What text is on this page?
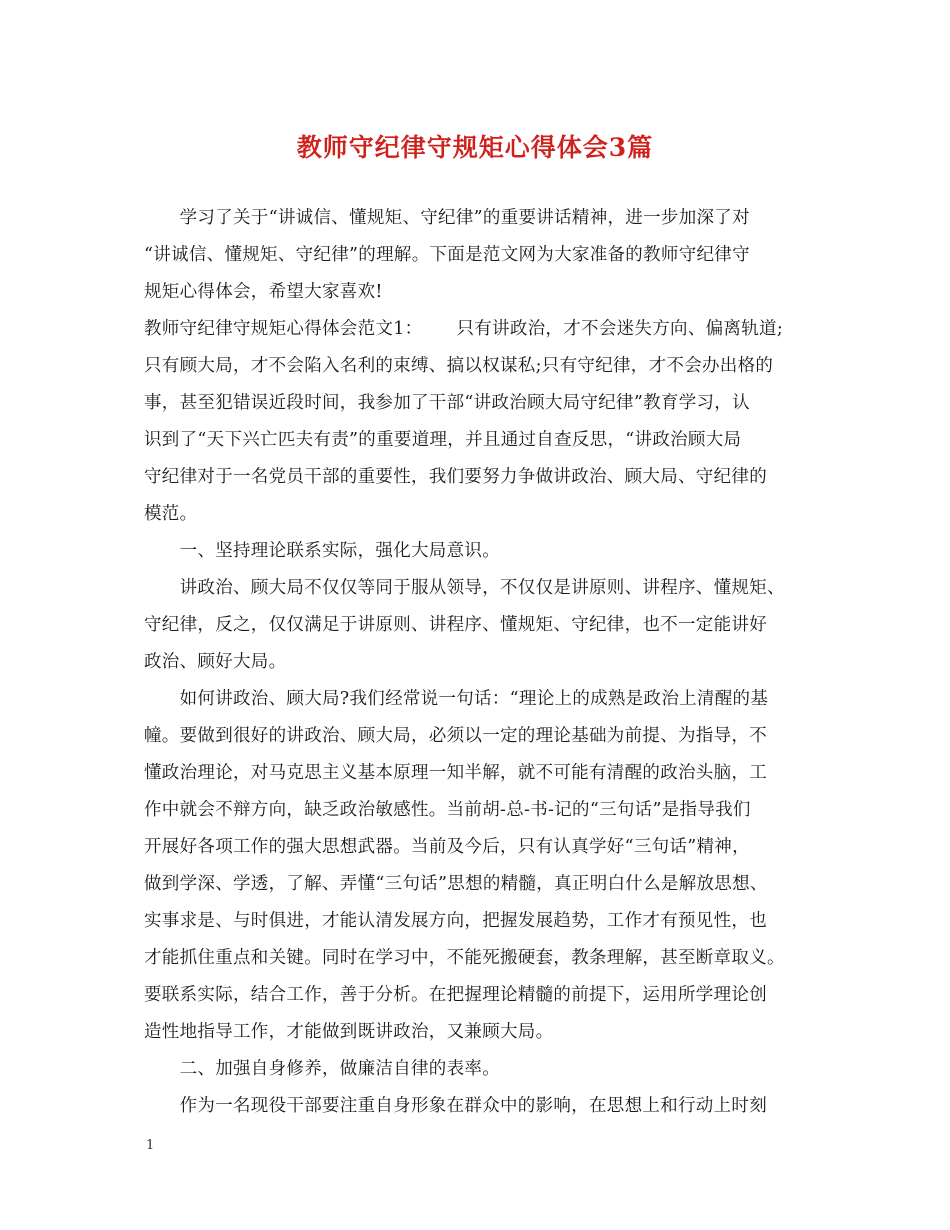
教师守纪律守规矩心得体会3篇
　　学习了关于“讲诚信、懂规矩、守纪律”的重要讲话精神，进一步加深了对
“讲诚信、懂规矩、守纪律”的理解。下面是范文网为大家准备的教师守纪律守
规矩心得体会，希望大家喜欢!
教师守纪律守规矩心得体会范文1： 只有讲政治，才不会迷失方向、偏离轨道;
只有顾大局，才不会陷入名利的束缚、搞以权谋私;只有守纪律，才不会办出格的
事，甚至犯错误近段时间，我参加了干部“讲政治顾大局守纪律”教育学习，认
识到了“天下兴亡匹夫有责”的重要道理，并且通过自查反思，“讲政治顾大局
守纪律对于一名党员干部的重要性，我们要努力争做讲政治、顾大局、守纪律的
模范。
　　一、坚持理论联系实际，强化大局意识。
　　讲政治、顾大局不仅仅等同于服从领导，不仅仅是讲原则、讲程序、懂规矩、
守纪律，反之，仅仅满足于讲原则、讲程序、懂规矩、守纪律，也不一定能讲好
政治、顾好大局。
　　如何讲政治、顾大局?我们经常说一句话：“理论上的成熟是政治上清醒的基
幢。要做到很好的讲政治、顾大局，必须以一定的理论基础为前提、为指导，不
懂政治理论，对马克思主义基本原理一知半解，就不可能有清醒的政治头脑，工
作中就会不辩方向，缺乏政治敏感性。当前胡-总-书-记的“三句话”是指导我们
开展好各项工作的强大思想武器。当前及今后，只有认真学好“三句话”精神，
做到学深、学透，了解、弄懂“三句话”思想的精髓，真正明白什么是解放思想、
实事求是、与时俱进，才能认清发展方向，把握发展趋势，工作才有预见性，也
才能抓住重点和关键。同时在学习中，不能死搬硬套，教条理解，甚至断章取义。
要联系实际，结合工作，善于分析。在把握理论精髓的前提下，运用所学理论创
造性地指导工作，才能做到既讲政治，又兼顾大局。
　　二、加强自身修养，做廉洁自律的表率。
　　作为一名现役干部要注重自身形象在群众中的影响，在思想上和行动上时刻
1
